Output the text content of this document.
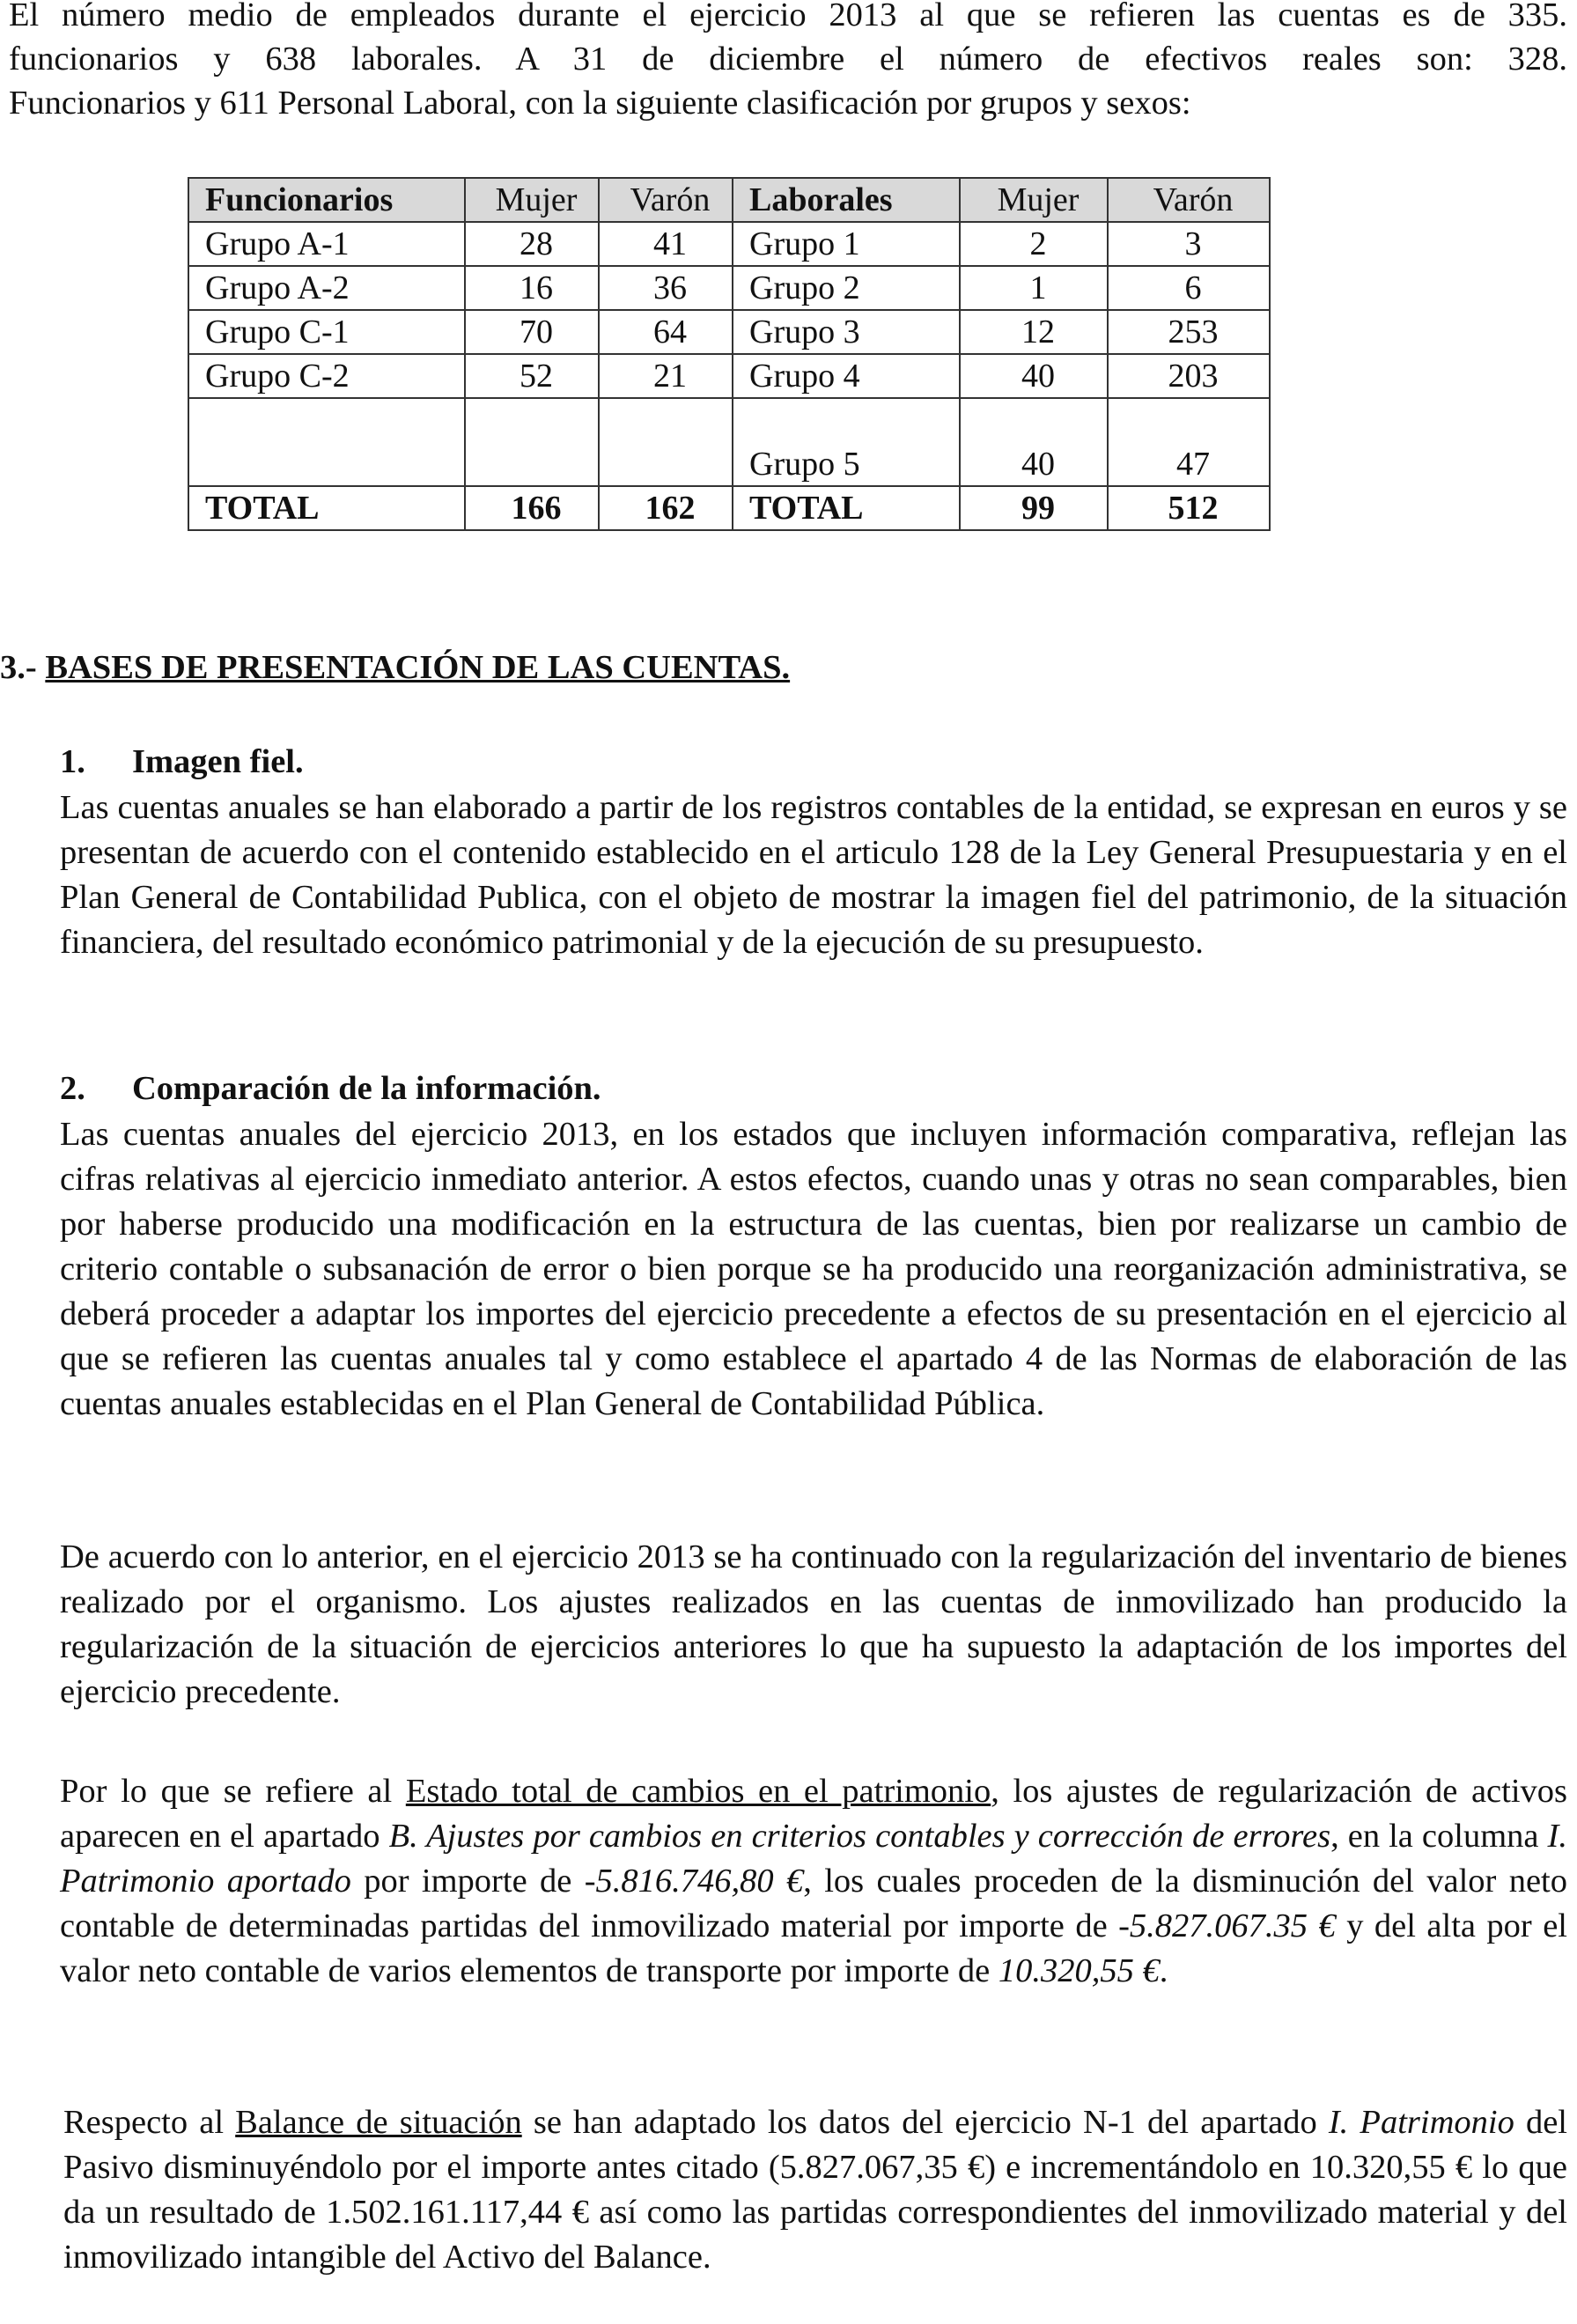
El número medio de empleados durante el ejercicio 2013 al que se refieren las cuentas es de 335.
funcionarios y 638 laborales. A 31 de diciembre el número de efectivos reales son: 328.
Funcionarios y 611 Personal Laboral, con la siguiente clasificación por grupos y sexos:

Funcionarios	Mujer	Varón	Laborales	Mujer	Varón
Grupo A-1	28	41	Grupo 1	2	3
Grupo A-2	16	36	Grupo 2	1	6
Grupo C-1	70	64	Grupo 3	12	253
Grupo C-2	52	21	Grupo 4	40	203

			Grupo 5	40	47
TOTAL	166	162	TOTAL	99	512
3.- BASES DE PRESENTACIÓN DE LAS CUENTAS.
1. Imagen fiel.

Las cuentas anuales se han elaborado a partir de los registros contables de la entidad, se expresan en euros y se presentan de acuerdo con el contenido establecido en el articulo 128 de la Ley General Presupuestaria y en el Plan General de Contabilidad Publica, con el objeto de mostrar la imagen fiel del patrimonio, de la situación financiera, del resultado económico patrimonial y de la ejecución de su presupuesto.

2. Comparación de la información.

Las cuentas anuales del ejercicio 2013, en los estados que incluyen información comparativa, reflejan las cifras relativas al ejercicio inmediato anterior. A estos efectos, cuando unas y otras no sean comparables, bien por haberse producido una modificación en la estructura de las cuentas, bien por realizarse un cambio de criterio contable o subsanación de error o bien porque se ha producido una reorganización administrativa, se deberá proceder a adaptar los importes del ejercicio precedente a efectos de su presentación en el ejercicio al que se refieren las cuentas anuales tal y como establece el apartado 4 de las Normas de elaboración de las cuentas anuales establecidas en el Plan General de Contabilidad Pública.

De acuerdo con lo anterior, en el ejercicio 2013 se ha continuado con la regularización del inventario de bienes realizado por el organismo. Los ajustes realizados en las cuentas de inmovilizado han producido la regularización de la situación de ejercicios anteriores lo que ha supuesto la adaptación de los importes del ejercicio precedente.

Por lo que se refiere al Estado total de cambios en el patrimonio, los ajustes de regularización de activos aparecen en el apartado B. Ajustes por cambios en criterios contables y corrección de errores, en la columna I. Patrimonio aportado por importe de -5.816.746,80 €, los cuales proceden de la disminución del valor neto contable de determinadas partidas del inmovilizado material por importe de -5.827.067.35 € y del alta por el valor neto contable de varios elementos de transporte por importe de 10.320,55 €.

Respecto al Balance de situación se han adaptado los datos del ejercicio N-1 del apartado I. Patrimonio del Pasivo disminuyéndolo por el importe antes citado (5.827.067,35 €) e incrementándolo en 10.320,55 € lo que da un resultado de 1.502.161.117,44 € así como las partidas correspondientes del inmovilizado material y del inmovilizado intangible del Activo del Balance.
